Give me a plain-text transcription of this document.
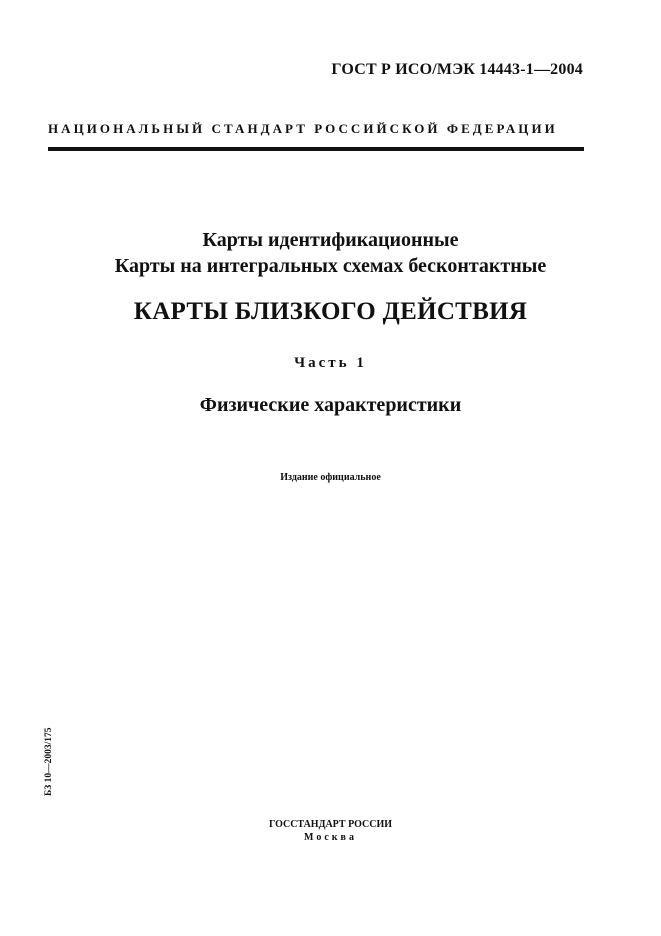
ГОСТ Р ИСО/МЭК 14443-1—2004
НАЦИОНАЛЬНЫЙ СТАНДАРТ РОССИЙСКОЙ ФЕДЕРАЦИИ
Карты идентификационные
Карты на интегральных схемах бесконтактные
КАРТЫ БЛИЗКОГО ДЕЙСТВИЯ
Часть 1
Физические характеристики
Издание официальное
БЗ 10—2003/175
ГОССТАНДАРТ РОССИИ
Москва
